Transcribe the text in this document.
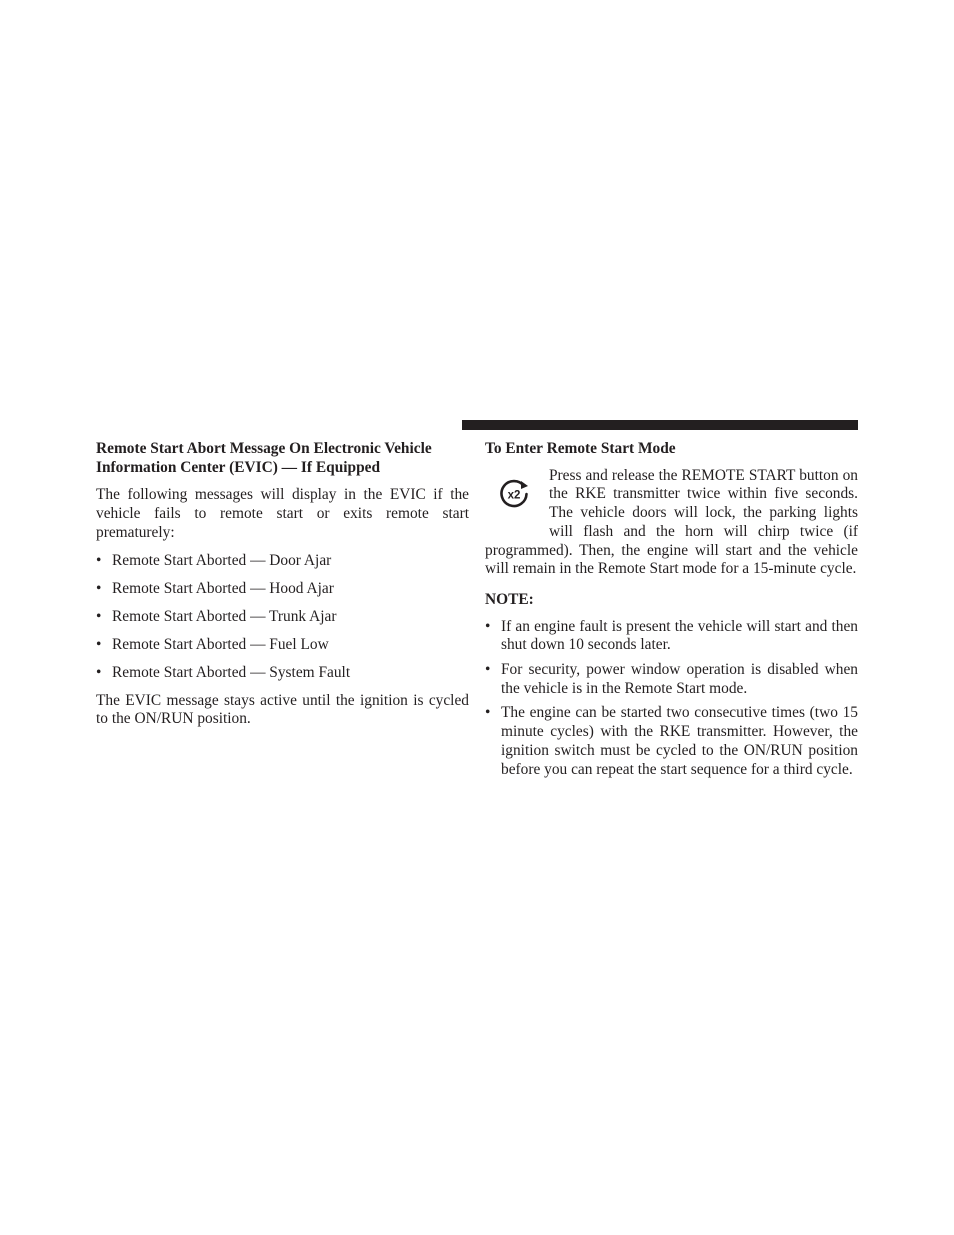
Remote Start Abort Message On Electronic Vehicle Information Center (EVIC) — If Equipped

The following messages will display in the EVIC if the vehicle fails to remote start or exits remote start prematurely:

• Remote Start Aborted — Door Ajar
• Remote Start Aborted — Hood Ajar
• Remote Start Aborted — Trunk Ajar
• Remote Start Aborted — Fuel Low
• Remote Start Aborted — System Fault

The EVIC message stays active until the ignition is cycled to the ON/RUN position.

To Enter Remote Start Mode

x2

Press and release the REMOTE START button on the RKE transmitter twice within five seconds. The vehicle doors will lock, the parking lights will flash and the horn will chirp twice (if programmed). Then, the engine will start and the vehicle will remain in the Remote Start mode for a 15-minute cycle.

NOTE:

• If an engine fault is present the vehicle will start and then shut down 10 seconds later.
• For security, power window operation is disabled when the vehicle is in the Remote Start mode.
• The engine can be started two consecutive times (two 15 minute cycles) with the RKE transmitter. However, the ignition switch must be cycled to the ON/RUN position before you can repeat the start sequence for a third cycle.
